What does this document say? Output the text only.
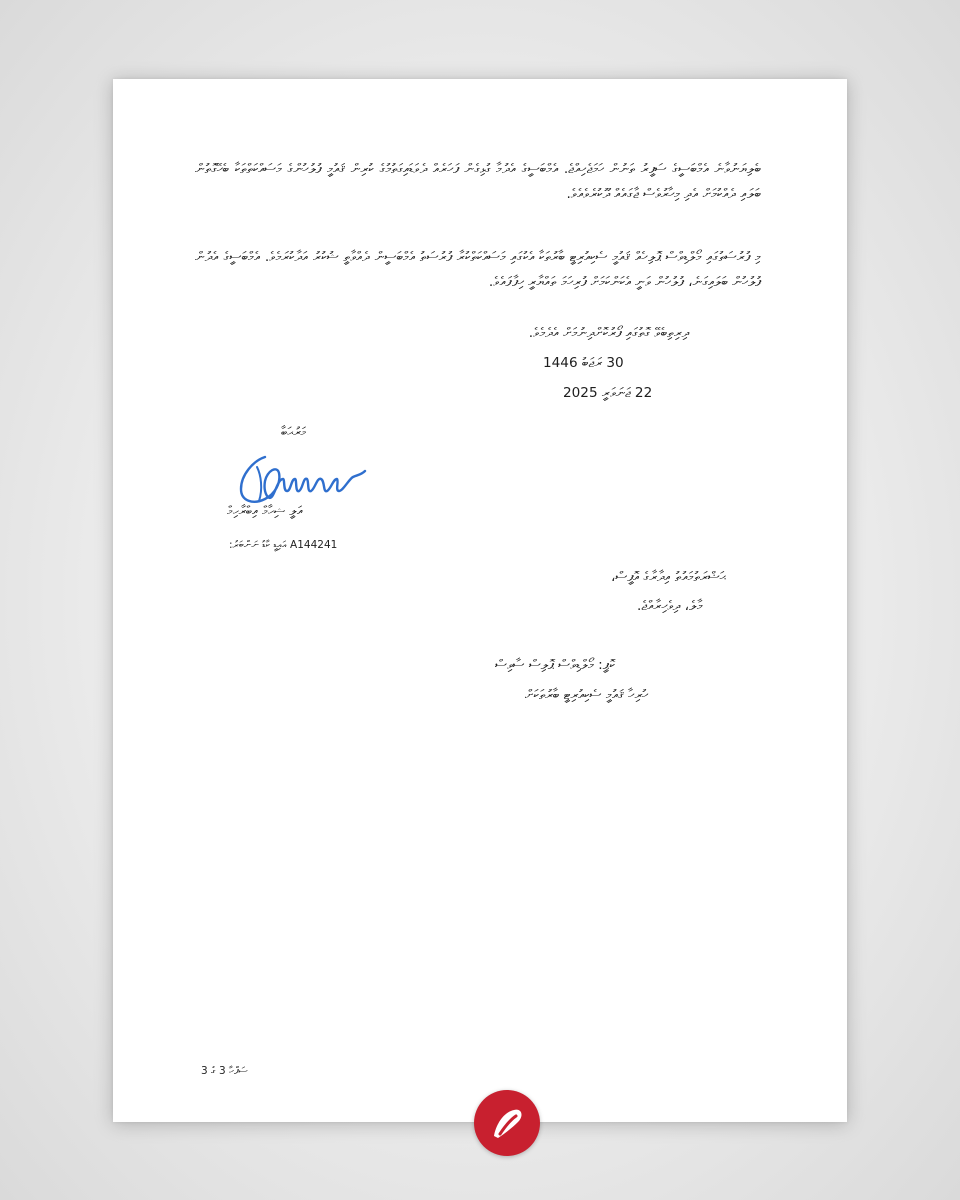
ބެލިޔަނުވާނެ އެމްބަސީގެ ސަފީރު ތަނުން ހަމަޖެހިއްޖެ. އެމްބަސީގެ އެދުމާ ގުޅިގެން ފަހަރެއް ދެވަޑައިގަތުމުގެ ކުރިން ޤައުމީ ފުލުހުންގެ މަސައްކަތްތަކާ ބެހޭގޮތުން ބަލައި ދެއްކުމަށް އެދި މިހާރުވެސް ޖާގައެއް ދޫކުރެވެއެވެ.
މި ފުރުސަތުގައި މޯލްޑިވްސް ޕޮލިހެއް ޤައުމީ ސެކިއުރިޓީ ބާރުތަކާ އެކުގައި މަސައްކަތްކުރާ ފުރުސަތު އެމްބަސީން ދެއްވާތީ ޝުކުރު އަދާކުރަމެވެ. އެމްބަސީގެ އެދުން ފުލުހުން ބަލައިގަނެ، ފުލުހުން ވަނީ އެކަންކަމަށް ފުރިހަމަ ތައްޔާރީ ހިފާފައެވެ.
ދިރިތިބެވޭ ގޮތުގައި ފޯރުކޮށްދިނުމަށް އެދެމެވެ.
30 ރަޖަބު 1446
22 ޖަނަވަރީ 2025
މަރުޙަބާ
އަލީ ޝިހާމް އިބްރާހިމް
އައިޑީ ކާޑު ނަންބަރު: A144241
ޙަޟްރަތުމައުތު އިދާރާގެ އޮފީސް،
މާލެ، ދިވެހިރާއްޖެ.
ކޮޕީ: މޯލްޑިވްސް ޕޮލިސް ސާވިސް
ހުރިހާ ޤައުމީ ސެކިއުރިޓީ ބާރުތަކަށް
ސަފްހާ 3 ގެ 3
